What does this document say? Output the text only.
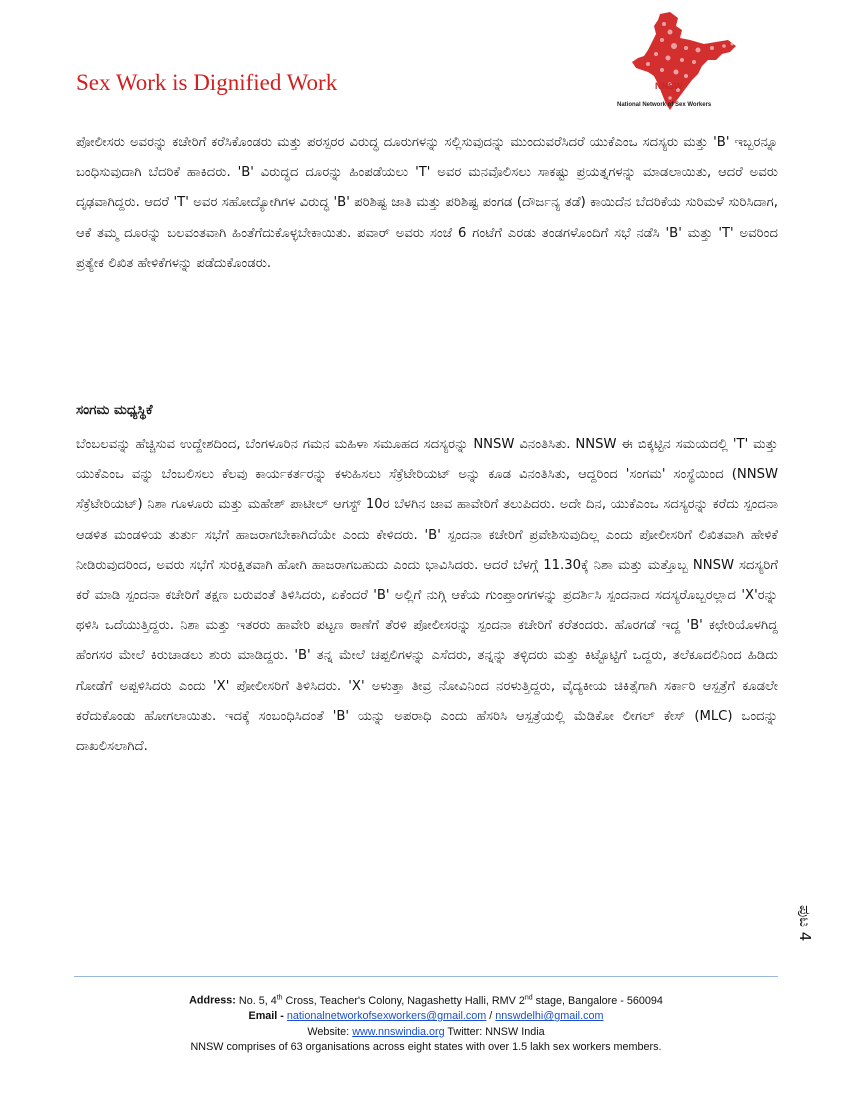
Sex Work is Dignified Work	NNSW
National Network of Sex Workers

ಪೋಲೀಸರು ಅವರನ್ನು ಕಚೇರಿಗೆ ಕರೆಸಿಕೊಂಡರು ಮತ್ತು ಪರಸ್ಪರರ ವಿರುದ್ಧ ದೂರುಗಳನ್ನು ಸಲ್ಲಿಸುವುದನ್ನು ಮುಂದುವರೆಸಿದರೆ ಯುಕೆಎಂಒ ಸದಸ್ಯರು ಮತ್ತು 'B' ಇಬ್ಬರನ್ನೂ ಬಂಧಿಸುವುದಾಗಿ ಬೆದರಿಕೆ ಹಾಕಿದರು. 'B' ವಿರುದ್ಧದ ದೂರನ್ನು ಹಿಂಪಡೆಯಲು 'T' ಅವರ ಮನವೊಲಿಸಲು ಸಾಕಷ್ಟು ಪ್ರಯತ್ನಗಳನ್ನು ಮಾಡಲಾಯಿತು, ಆದರೆ ಅವರು ದೃಢವಾಗಿದ್ದರು. ಆದರೆ 'T' ಅವರ ಸಹೋದ್ಯೋಗಿಗಳ ವಿರುದ್ಧ 'B' ಪರಿಶಿಷ್ಟ ಜಾತಿ ಮತ್ತು ಪರಿಶಿಷ್ಟ ಪಂಗಡ (ದೌರ್ಜನ್ಯ ತಡೆ) ಕಾಯಿದೆನ ಬೆದರಿಕೆಯ ಸುರಿಮಳೆ ಸುರಿಸಿದಾಗ, ಆಕೆ ತಮ್ಮ ದೂರನ್ನು ಬಲವಂತವಾಗಿ ಹಿಂತೆಗೆದುಕೊಳ್ಳಬೇಕಾಯಿತು. ಪವಾರ್ ಅವರು ಸಂಜೆ 6 ಗಂಟೆಗೆ ಎರಡು ತಂಡಗಳೊಂದಿಗೆ ಸಭೆ ನಡೆಸಿ 'B' ಮತ್ತು 'T' ಅವರಿಂದ ಪ್ರತ್ಯೇಕ ಲಿಖಿತ ಹೇಳಿಕೆಗಳನ್ನು ಪಡೆದುಕೊಂಡರು.

ಸಂಗಮ ಮಧ್ಯಸ್ಥಿಕೆ

ಬೆಂಬಲವನ್ನು ಹೆಚ್ಚಿಸುವ ಉದ್ದೇಶದಿಂದ, ಬೆಂಗಳೂರಿನ ಗಮನ ಮಹಿಳಾ ಸಮೂಹದ ಸದಸ್ಯರನ್ನು NNSW ವಿನಂತಿಸಿತು. NNSW ಈ ಬಿಕ್ಕಟ್ಟಿನ ಸಮಯದಲ್ಲಿ 'T' ಮತ್ತು ಯುಕೆಎಂಒ ವನ್ನು ಬೆಂಬಲಿಸಲು ಕೆಲವು ಕಾರ್ಯಕರ್ತರನ್ನು ಕಳುಹಿಸಲು ಸೆಕ್ರೆಟೇರಿಯಟ್ ಅನ್ನು ಕೂಡ ವಿನಂತಿಸಿತು, ಆದ್ದರಿಂದ 'ಸಂಗಮ' ಸಂಸ್ಥೆಯಿಂದ (NNSW ಸೆಕ್ರೆಟೇರಿಯಟ್) ನಿಶಾ ಗೂಳೂರು ಮತ್ತು ಮಹೇಶ್ ಪಾಟೀಲ್ ಆಗಸ್ಟ್ 10ರ ಬೆಳಗಿನ ಜಾವ ಹಾವೇರಿಗೆ ತಲುಪಿದರು. ಅದೇ ದಿನ, ಯುಕೆಎಂಒ ಸದಸ್ಯರನ್ನು ಕರೆದು ಸ್ಪಂದನಾ ಆಡಳಿತ ಮಂಡಳಿಯ ತುರ್ತು ಸಭೆಗೆ ಹಾಜರಾಗಬೇಕಾಗಿದೆಯೇ ಎಂದು ಕೇಳಿದರು. 'B' ಸ್ಪಂದನಾ ಕಚೇರಿಗೆ ಪ್ರವೇಶಿಸುವುದಿಲ್ಲ ಎಂದು ಪೋಲೀಸರಿಗೆ ಲಿಖಿತವಾಗಿ ಹೇಳಿಕೆ ನೀಡಿರುವುದರಿಂದ, ಅವರು ಸಭೆಗೆ ಸುರಕ್ಷಿತವಾಗಿ ಹೋಗಿ ಹಾಜರಾಗಬಹುದು ಎಂದು ಭಾವಿಸಿದರು. ಆದರೆ ಬೆಳಗ್ಗೆ 11.30ಕ್ಕೆ ನಿಶಾ ಮತ್ತು ಮತ್ತೊಬ್ಬ NNSW ಸದಸ್ಯರಿಗೆ ಕರೆ ಮಾಡಿ ಸ್ಪಂದನಾ ಕಚೇರಿಗೆ ತಕ್ಷಣ ಬರುವಂತೆ ತಿಳಿಸಿದರು, ಏಕೆಂದರೆ 'B' ಅಲ್ಲಿಗೆ ನುಗ್ಗಿ ಆಕೆಯ ಗುಂಪ್ತಾಂಗಗಳನ್ನು ಪ್ರದರ್ಶಿಸಿ ಸ್ಪಂದನಾದ ಸದಸ್ಯರೊಬ್ಬರಲ್ಲಾದ 'X'ರನ್ನು ಥಳಿಸಿ ಒದೆಯುತ್ತಿದ್ದರು. ನಿಶಾ ಮತ್ತು ಇತರರು ಹಾವೇರಿ ಪಟ್ಟಣ ಠಾಣೆಗೆ ತೆರಳಿ ಪೋಲೀಸರನ್ನು ಸ್ಪಂದನಾ ಕಚೇರಿಗೆ ಕರೆತಂದರು. ಹೊರಗಡೆ ಇದ್ದ 'B' ಕಛೇರಿಯೊಳಗಿದ್ದ ಹೆಂಗಸರ ಮೇಲೆ ಕಿರುಚಾಡಲು ಶುರು ಮಾಡಿದ್ದರು. 'B' ತನ್ನ ಮೇಲೆ ಚಪ್ಪಲಿಗಳನ್ನು ಎಸೆದರು, ತನ್ನನ್ನು ತಳ್ಳಿದರು ಮತ್ತು ಕಿಟ್ಟೊಟ್ಟಿಗೆ ಒದ್ದರು, ತಲೆಕೂದಲಿನಿಂದ ಹಿಡಿದು ಗೋಡೆಗೆ ಅಪ್ಪಳಿಸಿದರು ಎಂದು 'X' ಪೋಲೀಸರಿಗೆ ತಿಳಿಸಿದರು. 'X' ಅಳುತ್ತಾ ತೀವ್ರ ನೋವಿನಿಂದ ನರಳುತ್ತಿದ್ದರು, ವೈದ್ಯಕೀಯ ಚಿಕಿತ್ಸೆಗಾಗಿ ಸರ್ಕಾರಿ ಆಸ್ಪತ್ರೆಗೆ ಕೂಡಲೇ ಕರೆದುಕೊಂಡು ಹೋಗಲಾಯಿತು. ಇದಕ್ಕೆ ಸಂಬಂಧಿಸಿದಂತೆ 'B' ಯನ್ನು ಅಪರಾಧಿ ಎಂದು ಹೆಸರಿಸಿ ಆಸ್ಪತ್ರೆಯಲ್ಲಿ ಮೆಡಿಕೋ ಲೀಗಲ್ ಕೇಸ್ (MLC) ಒಂದನ್ನು ದಾಖಲಿಸಲಾಗಿದೆ.

ಪುಟ 4
Address: No. 5, 4th Cross, Teacher's Colony, Nagashetty Halli, RMV 2nd stage, Bangalore - 560094
Email - nationalnetworkofsexworkers@gmail.com / nnswdelhi@gmail.com
Website: www.nnswindia.org Twitter: NNSW India
NNSW comprises of 63 organisations across eight states with over 1.5 lakh sex workers members.
